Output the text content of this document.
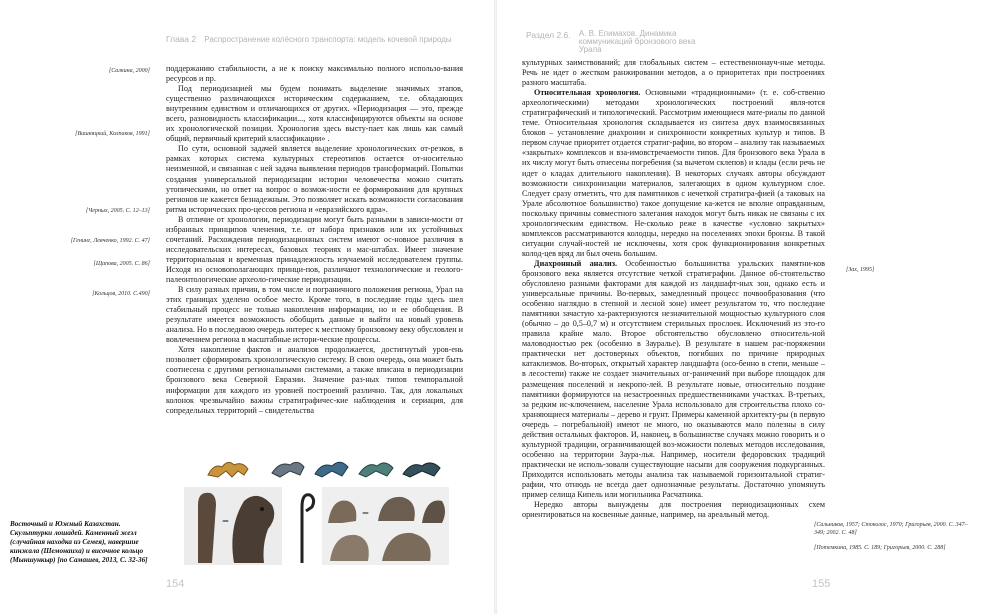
Глава 2 Распространение колёсного транспорта: модель кочевой природы
[Салкина, 2000]
[Вишняцкий, Колпаков, 1991]
[Черных, 2005. С. 12–13]
[Генинг, Левченко, 1992. С. 47]
[Щапова, 2005. С. 86]
[Кольцов, 2010. С.490]

поддержанию стабильности, а не к поиску максимально полного использо-вания ресурсов и пр.

Под периодизацией мы будем понимать выделение значимых этапов, существенно различающихся историческим содержанием, т.е. обладающих внутренним единством и отличающихся от других. «Периодизация — это, прежде всего, разновидность классификации..., хотя классифицируются объекты на основе их хронологической позиции. Хронология здесь высту-пает как лишь как самый общий, первичный критерий классификации» .

По сути, основной задачей является выделение хронологических от-резков, в рамках которых система культурных стереотипов остается от-носительно неизменной, и связанная с ней задача выявления периодов трансформаций. Попытки создания универсальной периодизации истории человечества можно считать утопическими, но ответ на вопрос о возмож-ности ее формирования для крупных регионов не кажется безнадежным. Это позволяет искать возможности согласования ритма исторических про-цессов региона и «евразийского ядра».

В отличие от хронологии, периодизации могут быть разными в зависи-мости от избранных принципов членения, т.е. от набора признаков или их устойчивых сочетаний. Расхождения периодизационных систем имеют ос-новное различия в исследовательских интересах, базовых теориях и мас-штабах. Имеет значение территориальная и временная принадлежность изучаемой исследователем группы. Исходя из основополагающих принци-пов, различают технологические и геолого-палеонтологические археоло-гические периодизации.

В силу разных причин, в том числе и пограничного положения региона, Урал на этих границах уделено особое место. Кроме того, в последние годы здесь шел стабильный процесс не только накопления информации, но и ее обобщения. В результате имеется возможность обобщить данные и выйти на новый уровень анализа. Но в последнюю очередь интерес к местному бронзовому веку обусловлен и вовлечением региона в масштабные истори-ческие процессы.

Хотя накопление фактов и анализов продолжается, достигнутый уров-ень позволяет сформировать хронологическую систему. В свою очередь, она может быть соотнесена с другими региональными системами, а также вписана в периодизации бронзового века Северной Евразии. Значение раз-ных типов темпоральной информации для каждого из уровней построений различно. Так, для локальных колонок чрезвычайно важны стратиграфичес-кие наблюдения и сериация, для сопредельных территорий – свидетельства

–	–
Восточный и Южный Казахстан. Скульптурки лошадей. Каменный жезл (случайная находка из Семея), навершие кинжала (Шемонаиха) и височное кольцо (Мыншункыр) [по Самашев, 2013, С. 32-36]
154
Раздел 2.6. А. В. Епимахов. Динамика коммуникаций бронзового века Урала

культурных заимствований; для глобальных систем – естественнонауч-ные методы. Речь не идет о жестком ранжировании методов, а о приоритетах при построениях разного масштаба.

Относительная хронология. Основными «традиционными» (т. е. соб-ственно археологическими) методами хронологических построений явля-ются стратиграфический и типологический. Рассмотрим имеющиеся мате-риалы по данной теме. Относительная хронология складывается из синтеза двух взаимосвязанных блоков – установление диахронии и синхронности конкретных культур и типов. В первом случае приоритет отдается стратиг-рафии, во втором – анализу так называемых «закрытых» комплексов и вза-имовстречаемости типов. Для бронзового века Урала в их числу могут быть отнесены погребения (за вычетом склепов) и клады (если речь не идет о кладах длительного накопления). В некоторых случаях авторы обсуждают возможности синхронизации материалов, залегающих в одном культурном слое. Следует сразу отметить, что для памятников с нечеткой стратигра-фией (а таковых на Урале абсолютное большинство) такое допущение ка-жется не вполне оправданным, поскольку причины совместного залегания находок могут быть никак не связаны с их хронологическим единством. Не-сколько реже в качестве «условно закрытых» комплексов рассматриваются колодцы, нередко на поселениях эпохи бронзы. В такой ситуации случай-ностей не исключены, хотя срок функционирования конкретных колод-цев вряд ли был очень большим.

Диахронный анализ. Особенностью большинства уральских памятни-ков бронзового века является отсутствие четкой стратиграфии. Данное об-стоятельство обусловлено разными факторами для каждой из ландшафт-ных зон, однако есть и универсальные причины. Во-первых, замедленный процесс почвообразования (что особенно наглядно в степной и лесной зоне) имеет результатом то, что последние памятники зачастую ха-рактеризуются незначительной мощностью культурного слоя (обычно – до 0,5–0,7 м) и отсутствием стерильных прослоек. Исключений из это-го правила крайне мало. Второе обстоятельство обусловлено относитель-ной маловодностью рек (особенно в Зауралье). В результате в нашем рас-поряжении практически нет достоверных объектов, погибших по причине природных катаклизмов. Во-вторых, открытый характер ландшафта (осо-бенно в степи, меньше – в лесостепи) также не создает значительных ог-раничений при выборе площадок для размещения поселений и некропо-лей. В результате новые, относительно поздние памятники формируются на незастроенных предшественниками участках. В-третьих, за редким ис-ключением, население Урала использовало для строительства плохо со-храняющиеся материалы – дерево и грунт. Примеры каменной архитекту-ры (в первую очередь – погребальной) имеют не много, но оказываются мало полезны в силу действия остальных факторов. И, наконец, в большинстве случаях можно говорить и о культурной традиции, ограничивающей воз-можности полевых методов исследования, особенно на территории Заура-лья. Например, носители федоровских традиций практически не исполь-зовали существующие насыпи для сооружения подкурганных. Приходится использовать методы анализа так называемой горизонтальной стратиг-рафии, что отнюдь не всегда дает однозначные результаты. Достаточно упомянуть пример селища Кипель или могильника Расчатника.

Нередко авторы вынуждены для построения периодизационных схем ориентироваться на косвенные данные, например, на ареальный метод.

[Зах, 1995]
[Сальников, 1957; Стоколос, 1970; Григорьев, 2000. С. 347–349; 2002. С. 48]
[Потемкина, 1985. С. 189; Григорьев, 2000. С. 288]
155
